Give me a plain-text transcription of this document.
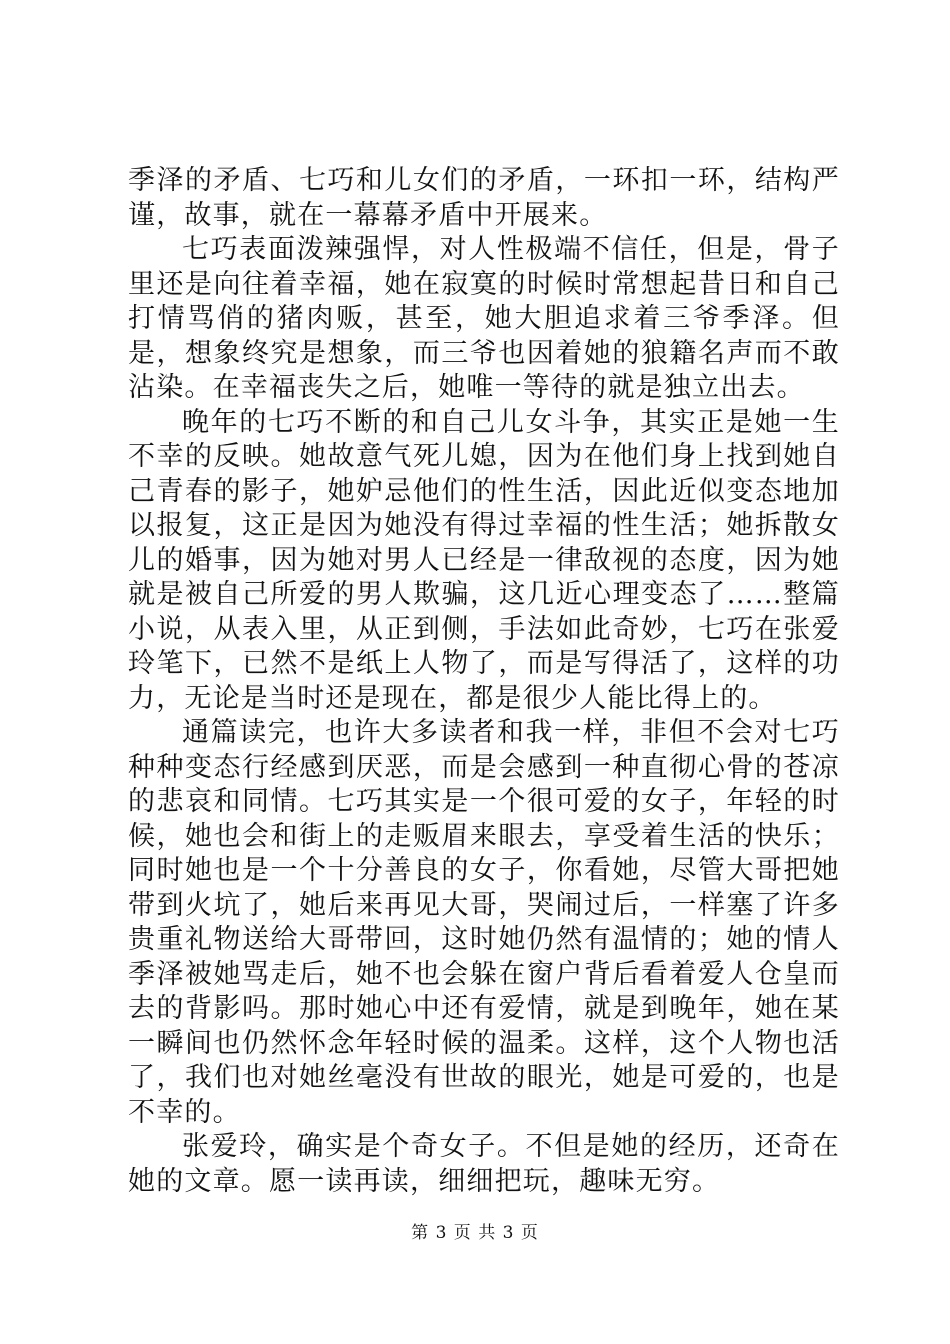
季泽的矛盾、七巧和儿女们的矛盾，一环扣一环，结构严谨，故事，就在一幕幕矛盾中开展来。

七巧表面泼辣强悍，对人性极端不信任，但是，骨子里还是向往着幸福，她在寂寞的时候时常想起昔日和自己打情骂俏的猪肉贩，甚至，她大胆追求着三爷季泽。但是，想象终究是想象，而三爷也因着她的狼籍名声而不敢沾染。在幸福丧失之后，她唯一等待的就是独立出去。

晚年的七巧不断的和自己儿女斗争，其实正是她一生不幸的反映。她故意气死儿媳，因为在他们身上找到她自己青春的影子，她妒忌他们的性生活，因此近似变态地加以报复，这正是因为她没有得过幸福的性生活；她拆散女儿的婚事，因为她对男人已经是一律敌视的态度，因为她就是被自己所爱的男人欺骗，这几近心理变态了……整篇小说，从表入里，从正到侧，手法如此奇妙，七巧在张爱玲笔下，已然不是纸上人物了，而是写得活了，这样的功力，无论是当时还是现在，都是很少人能比得上的。

通篇读完，也许大多读者和我一样，非但不会对七巧种种变态行经感到厌恶，而是会感到一种直彻心骨的苍凉的悲哀和同情。七巧其实是一个很可爱的女子，年轻的时候，她也会和街上的走贩眉来眼去，享受着生活的快乐；同时她也是一个十分善良的女子，你看她，尽管大哥把她带到火坑了，她后来再见大哥，哭闹过后，一样塞了许多贵重礼物送给大哥带回，这时她仍然有温情的；她的情人季泽被她骂走后，她不也会躲在窗户背后看着爱人仓皇而去的背影吗。那时她心中还有爱情，就是到晚年，她在某一瞬间也仍然怀念年轻时候的温柔。这样，这个人物也活了，我们也对她丝毫没有世故的眼光，她是可爱的，也是不幸的。

张爱玲，确实是个奇女子。不但是她的经历，还奇在她的文章。愿一读再读，细细把玩，趣味无穷。

第 3 页 共 3 页
